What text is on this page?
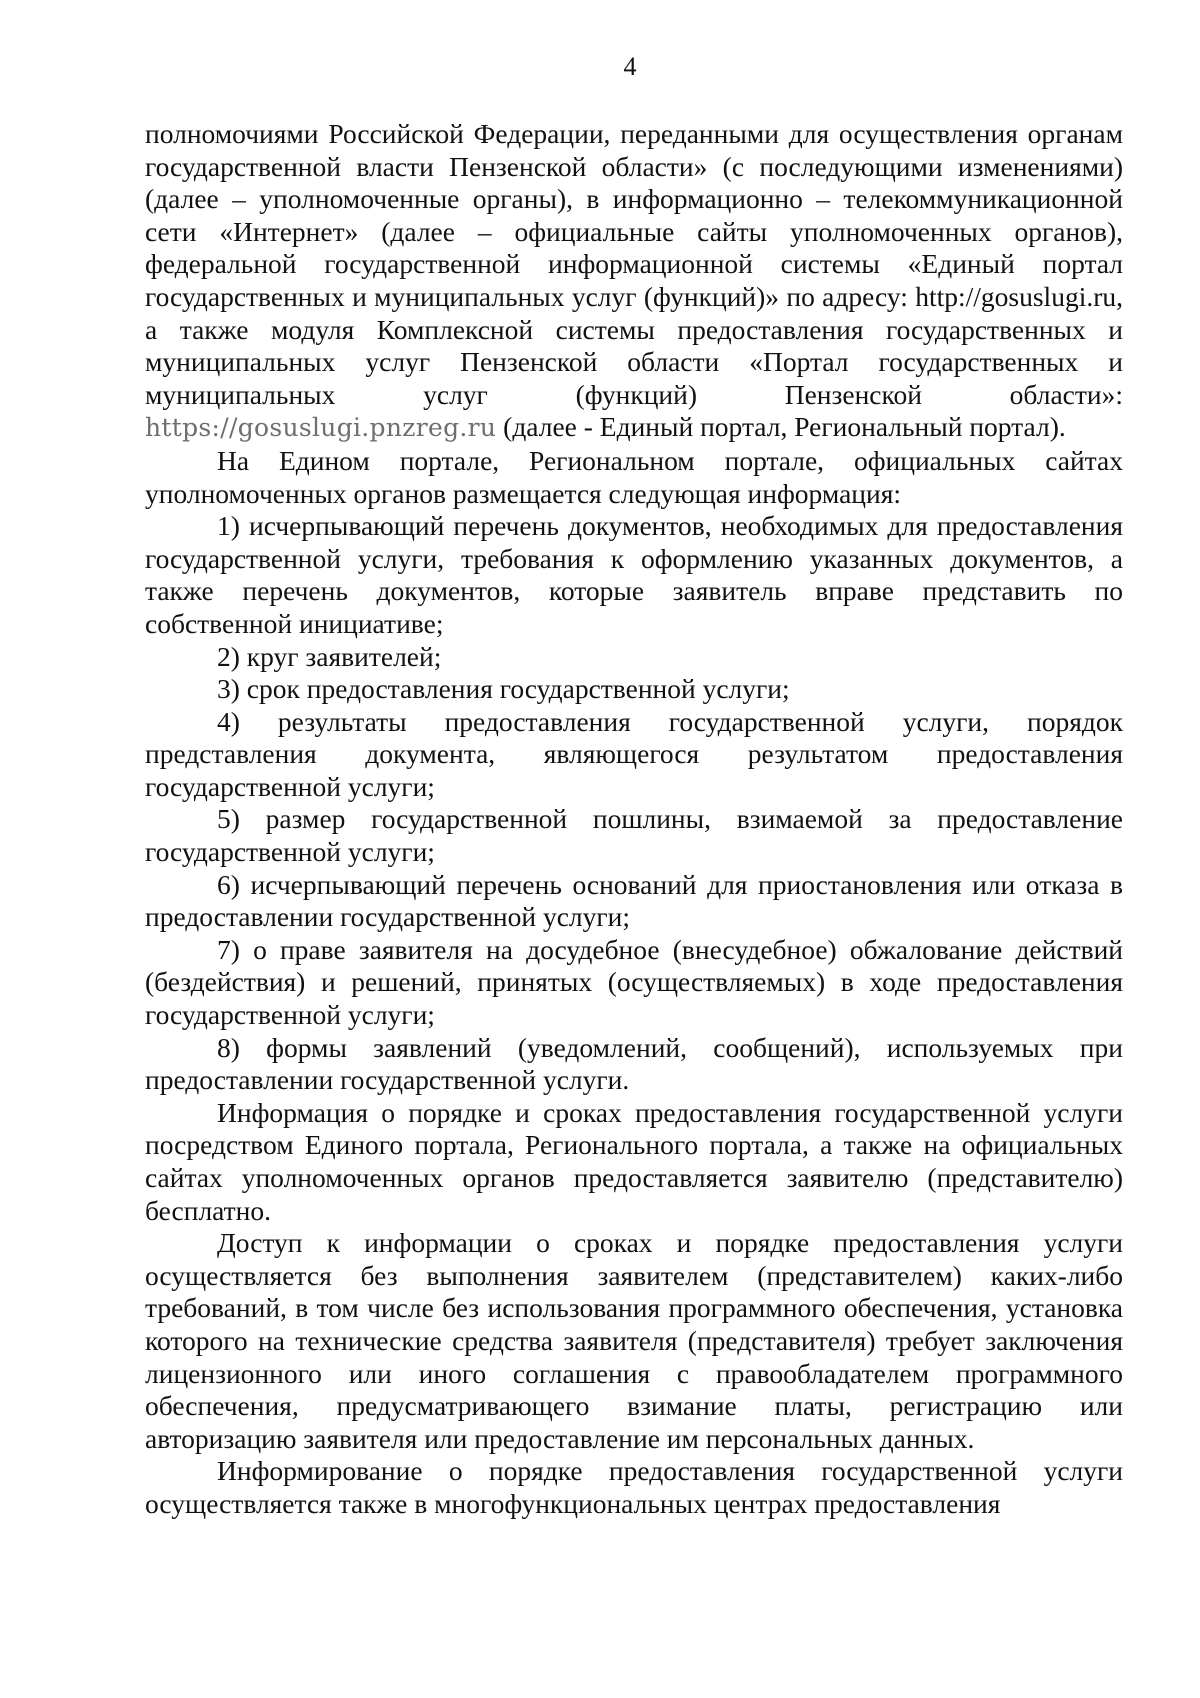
4

полномочиями Российской Федерации, переданными для осуществления органам государственной власти Пензенской области» (с последующими изменениями) (далее – уполномоченные органы), в информационно – телекоммуникационной сети «Интернет» (далее – официальные сайты уполномоченных органов), федеральной государственной информационной системы «Единый портал государственных и муниципальных услуг (функций)» по адресу: http://gosuslugi.ru, а также модуля Комплексной системы предоставления государственных и муниципальных услуг Пензенской области «Портал государственных и муниципальных услуг (функций) Пензенской области»: https://gosuslugi.pnzreg.ru (далее - Единый портал, Региональный портал).

На Едином портале, Региональном портале, официальных сайтах уполномоченных органов размещается следующая информация:

1) исчерпывающий перечень документов, необходимых для предоставления государственной услуги, требования к оформлению указанных документов, а также перечень документов, которые заявитель вправе представить по собственной инициативе;

2) круг заявителей;

3) срок предоставления государственной услуги;

4) результаты предоставления государственной услуги, порядок представления документа, являющегося результатом предоставления государственной услуги;

5) размер государственной пошлины, взимаемой за предоставление государственной услуги;

6) исчерпывающий перечень оснований для приостановления или отказа в предоставлении государственной услуги;

7) о праве заявителя на досудебное (внесудебное) обжалование действий (бездействия) и решений, принятых (осуществляемых) в ходе предоставления государственной услуги;

8) формы заявлений (уведомлений, сообщений), используемых при предоставлении государственной услуги.

Информация о порядке и сроках предоставления государственной услуги посредством Единого портала, Регионального портала, а также на официальных сайтах уполномоченных органов предоставляется заявителю (представителю) бесплатно.

Доступ к информации о сроках и порядке предоставления услуги осуществляется без выполнения заявителем (представителем) каких-либо требований, в том числе без использования программного обеспечения, установка которого на технические средства заявителя (представителя) требует заключения лицензионного или иного соглашения с правообладателем программного обеспечения, предусматривающего взимание платы, регистрацию или авторизацию заявителя или предоставление им персональных данных.

Информирование о порядке предоставления государственной услуги осуществляется также в многофункциональных центрах предоставления
